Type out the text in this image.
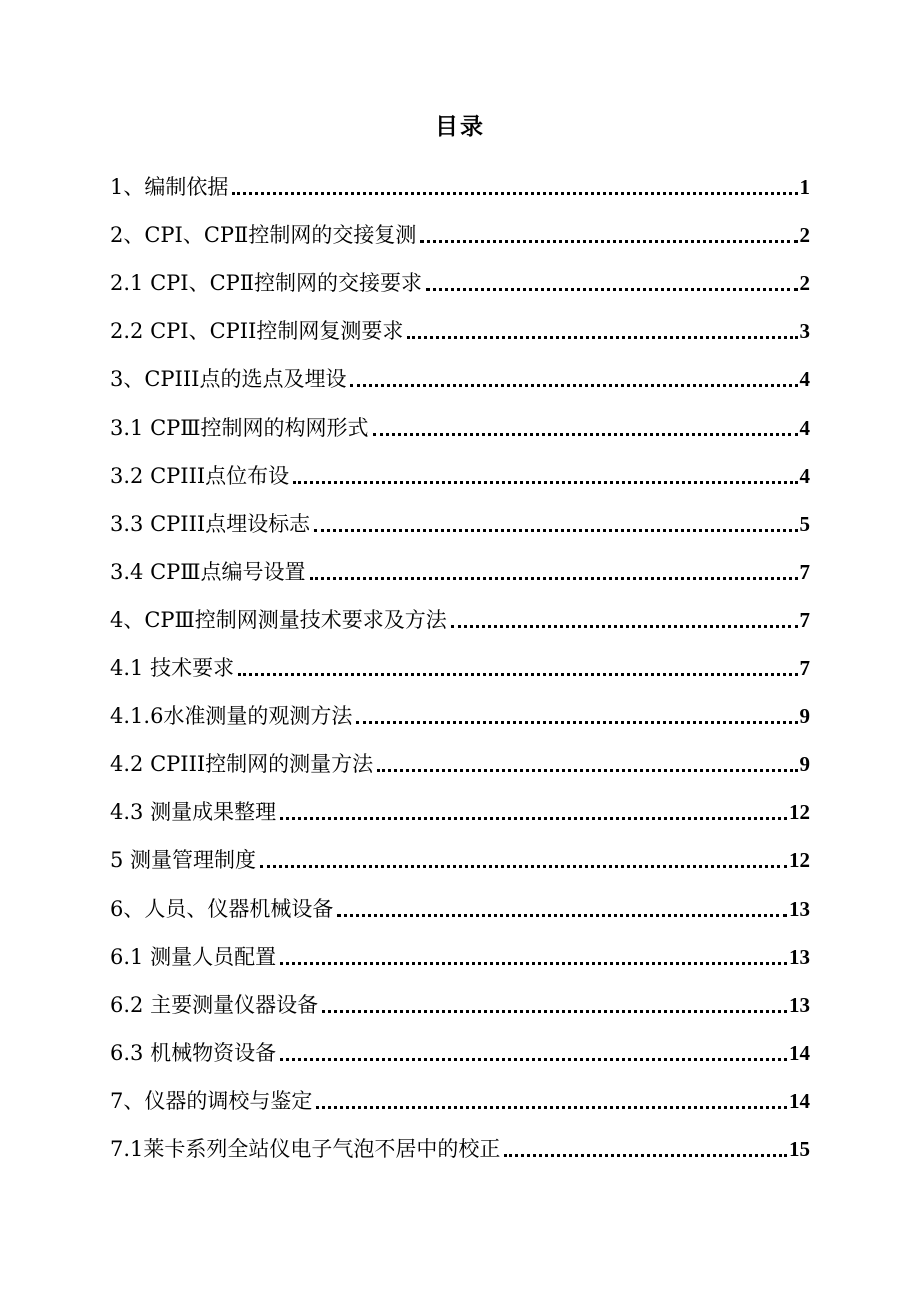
目录
1、编制依据	1
2、CPⅠ、CPⅡ控制网的交接复测	2
2.1 CPⅠ、CPⅡ控制网的交接要求	2
2.2 CPI、CPII控制网复测要求	3
3、CPIII点的选点及埋设	4
3.1 CPⅢ控制网的构网形式	4
3.2 CPIII点位布设	4
3.3 CPIII点埋设标志	5
3.4 CPⅢ点编号设置	7
4、CPⅢ控制网测量技术要求及方法	7
4.1 技术要求	7
4.1.6水准测量的观测方法	9
4.2 CPIII控制网的测量方法	9
4.3 测量成果整理	12
5 测量管理制度	12
6、人员、仪器机械设备	13
6.1 测量人员配置	13
6.2 主要测量仪器设备	13
6.3 机械物资设备	14
7、仪器的调校与鉴定	14
7.1莱卡系列全站仪电子气泡不居中的校正	15
